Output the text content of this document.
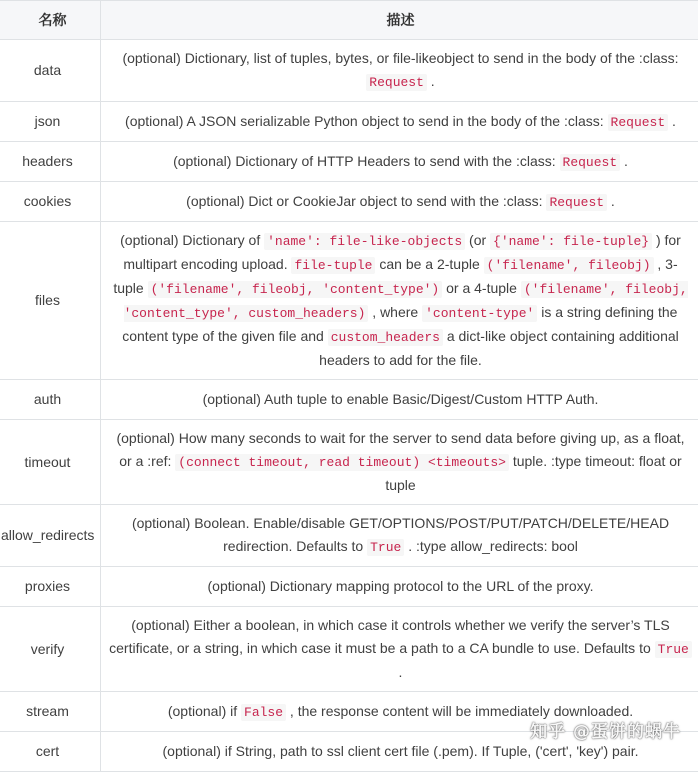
名称	描述
data	(optional) Dictionary, list of tuples, bytes, or file-likeobject to send in the body of the :class: Request .
json	(optional) A JSON serializable Python object to send in the body of the :class: Request .
headers	(optional) Dictionary of HTTP Headers to send with the :class: Request .
cookies	(optional) Dict or CookieJar object to send with the :class: Request .
files	(optional) Dictionary of 'name': file-like-objects (or {'name': file-tuple} ) for multipart encoding upload. file-tuple can be a 2-tuple ('filename', fileobj) , 3-tuple ('filename', fileobj, 'content_type') or a 4-tuple ('filename', fileobj, 'content_type', custom_headers) , where 'content-type' is a string defining the content type of the given file and custom_headers a dict-like object containing additional headers to add for the file.
auth	(optional) Auth tuple to enable Basic/Digest/Custom HTTP Auth.
timeout	(optional) How many seconds to wait for the server to send data before giving up, as a float, or a :ref: (connect timeout, read timeout) <timeouts> tuple. :type timeout: float or tuple
allow_redirects	(optional) Boolean. Enable/disable GET/OPTIONS/POST/PUT/PATCH/DELETE/HEAD redirection. Defaults to True . :type allow_redirects: bool
proxies	(optional) Dictionary mapping protocol to the URL of the proxy.
verify	(optional) Either a boolean, in which case it controls whether we verify the server’s TLS certificate, or a string, in which case it must be a path to a CA bundle to use. Defaults to True .
stream	(optional) if False , the response content will be immediately downloaded.
cert	(optional) if String, path to ssl client cert file (.pem). If Tuple, ('cert', 'key') pair.
知乎 @蛋饼的蜗牛
